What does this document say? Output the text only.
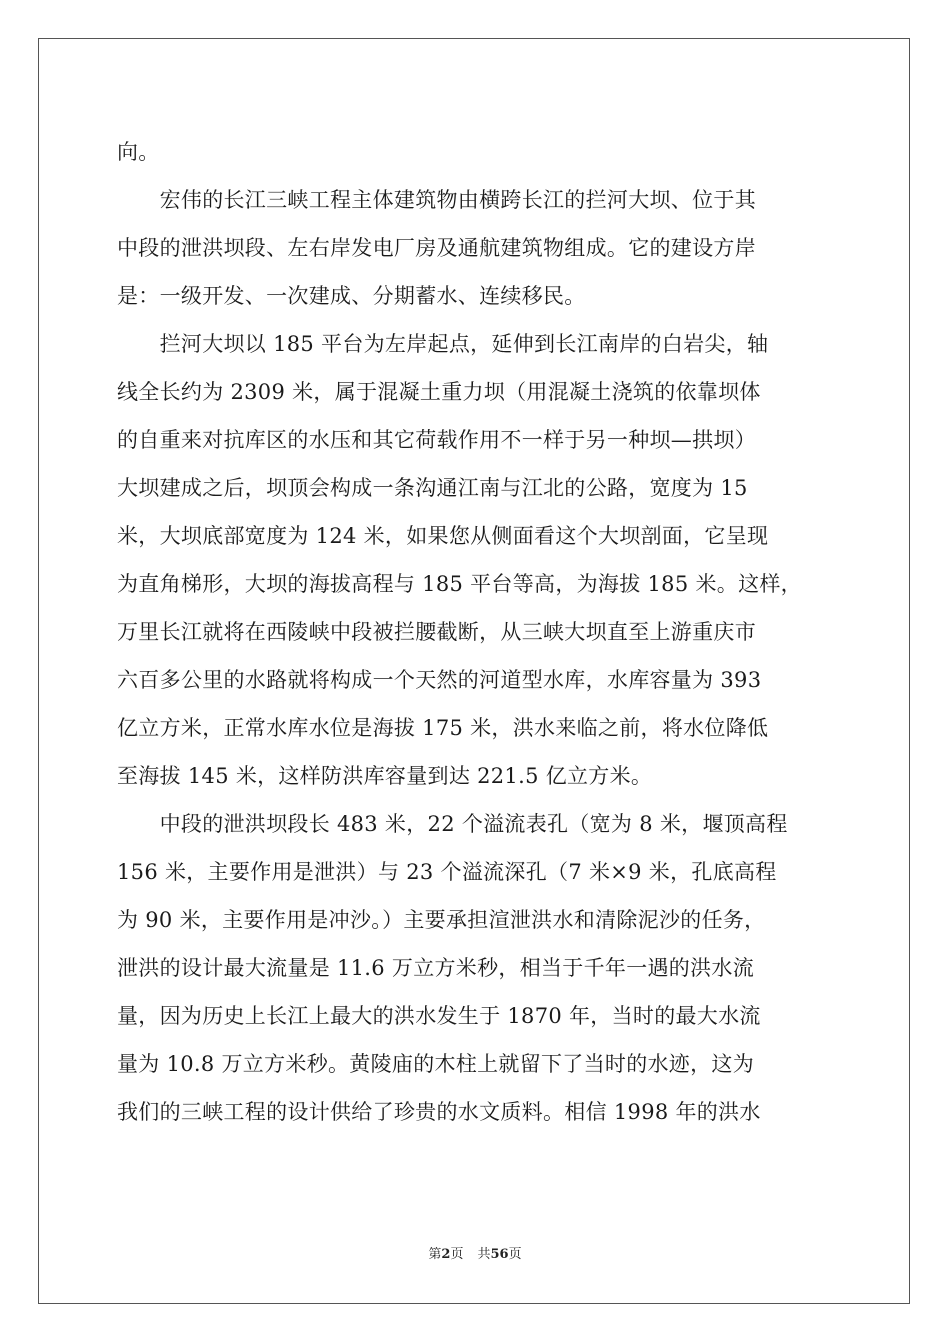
向。
　　宏伟的长江三峡工程主体建筑物由横跨长江的拦河大坝、位于其
中段的泄洪坝段、左右岸发电厂房及通航建筑物组成。它的建设方岸
是：一级开发、一次建成、分期蓄水、连续移民。
　　拦河大坝以 185 平台为左岸起点，延伸到长江南岸的白岩尖，轴
线全长约为 2309 米，属于混凝土重力坝（用混凝土浇筑的依靠坝体
的自重来对抗库区的水压和其它荷载作用不一样于另一种坝—拱坝）
大坝建成之后，坝顶会构成一条沟通江南与江北的公路，宽度为 15
米，大坝底部宽度为 124 米，如果您从侧面看这个大坝剖面，它呈现
为直角梯形，大坝的海拔高程与 185 平台等高，为海拔 185 米。这样，
万里长江就将在西陵峡中段被拦腰截断，从三峡大坝直至上游重庆市
六百多公里的水路就将构成一个天然的河道型水库，水库容量为 393
亿立方米，正常水库水位是海拔 175 米，洪水来临之前，将水位降低
至海拔 145 米，这样防洪库容量到达 221.5 亿立方米。
　　中段的泄洪坝段长 483 米，22 个溢流表孔（宽为 8 米，堰顶高程
156 米，主要作用是泄洪）与 23 个溢流深孔（7 米×9 米，孔底高程
为 90 米，主要作用是冲沙。）主要承担渲泄洪水和清除泥沙的任务，
泄洪的设计最大流量是 11.6 万立方米秒，相当于千年一遇的洪水流
量，因为历史上长江上最大的洪水发生于 1870 年，当时的最大水流
量为 10.8 万立方米秒。黄陵庙的木柱上就留下了当时的水迹，这为
我们的三峡工程的设计供给了珍贵的水文质料。相信 1998 年的洪水
第2页 共56页
